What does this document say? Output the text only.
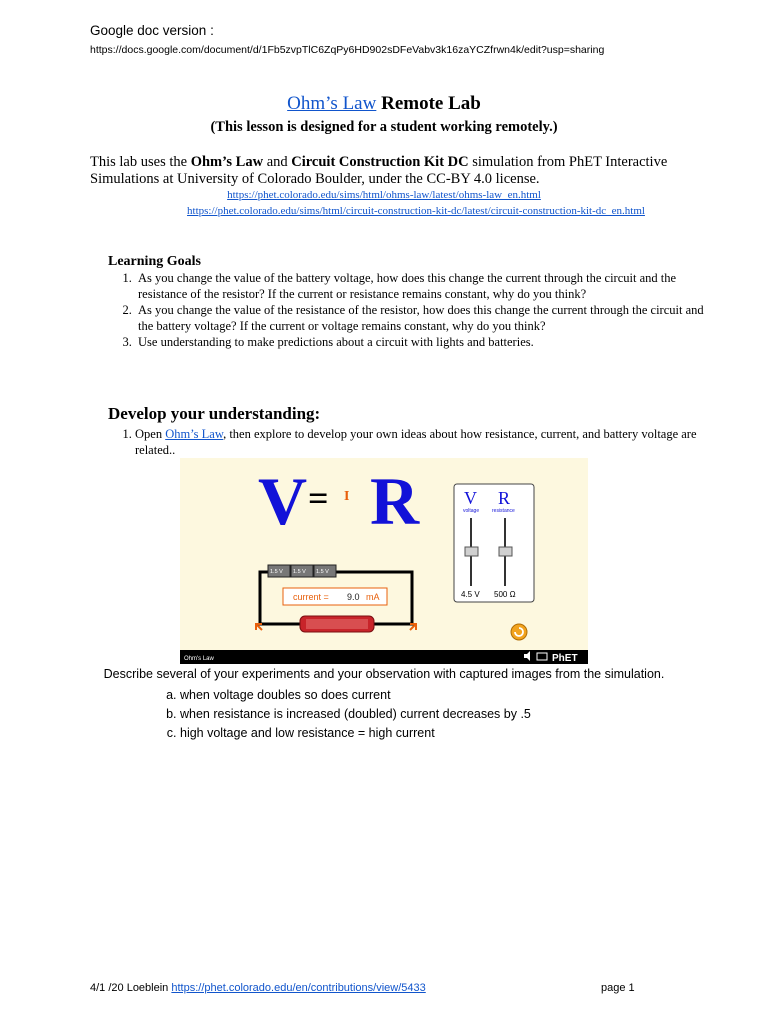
Google doc version :
https://docs.google.com/document/d/1Fb5zvpTlC6ZqPy6HD902sDFeVabv3k16zaYCZfrwn4k/edit?usp=sharing
Ohm’s Law Remote Lab
(This lesson is designed for a student working remotely.)
This lab uses the Ohm’s Law and Circuit Construction Kit DC simulation from PhET Interactive Simulations at University of Colorado Boulder, under the CC-BY 4.0 license.
https://phet.colorado.edu/sims/html/ohms-law/latest/ohms-law_en.html
https://phet.colorado.edu/sims/html/circuit-construction-kit-dc/latest/circuit-construction-kit-dc_en.html
Learning Goals
1. As you change the value of the battery voltage, how does this change the current through the circuit and the resistance of the resistor? If the current or resistance remains constant, why do you think?
2. As you change the value of the resistance of the resistor, how does this change the current through the circuit and the battery voltage? If the current or voltage remains constant, why do you think?
3. Use understanding to make predictions about a circuit with lights and batteries.
Develop your understanding:
1. Open Ohm’s Law, then explore to develop your own ideas about how resistance, current, and battery voltage are related..
V = I R V
voltage
R
resistance
4.5 V 500 Ω
1.5 V 1.5 V 1.5 V
current = 9.0 mA
Ohm's Law	PhET
Describe several of your experiments and your observation with captured images from the simulation.
a. when voltage doubles so does current
b. when resistance is increased (doubled) current decreases by .5
c. high voltage and low resistance = high current
4/1 /20 Loeblein https://phet.colorado.edu/en/contributions/view/5433	page 1
